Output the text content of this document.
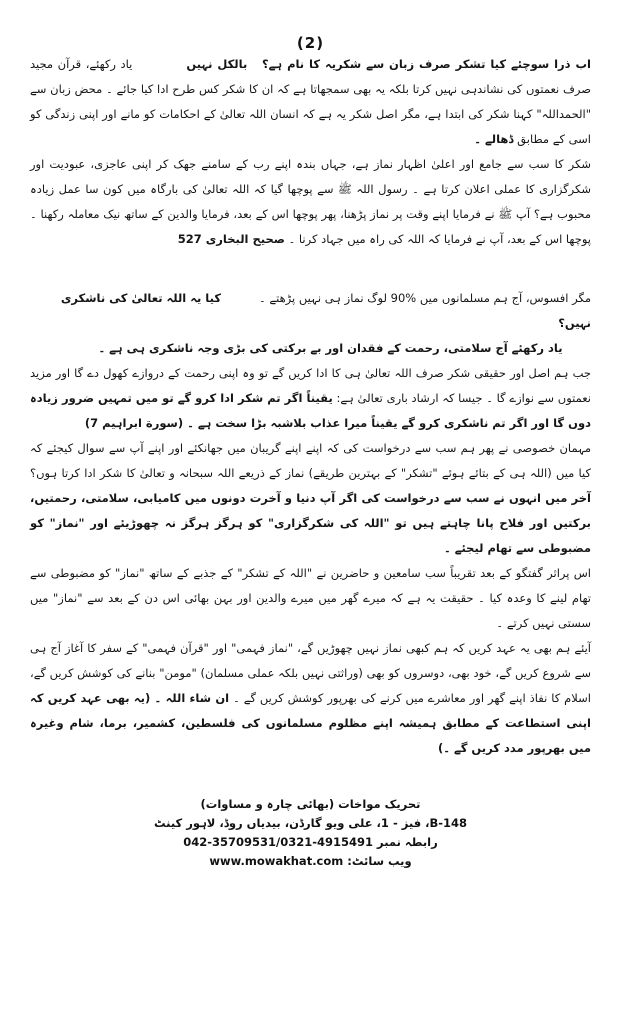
(2)

اب ذرا سوچئے کیا تشکر صرف زبان سے شکریہ کا نام ہے؟   بالکل نہیںیاد رکھئے، قرآن مجید صرف نعمتوں کی نشاندہی نہیں کرتا بلکہ یہ بھی سمجھاتا ہے کہ ان کا شکر کس طرح ادا کیا جائے ۔ محض زبان سے "الحمداللہ" کہنا شکر کی ابتدا ہے، مگر اصل شکر یہ ہے کہ انسان اللہ تعالیٰ کے احکامات کو مانے اور اپنی زندگی کو اسی کے مطابق ڈھالے ۔

شکر کا سب سے جامع اور اعلیٰ اظہار نماز ہے، جہاں بندہ اپنے رب کے سامنے جھک کر اپنی عاجزی، عبودیت اور شکرگزاری کا عملی اعلان کرتا ہے ۔ رسول اللہ ﷺ سے پوچھا گیا کہ اللہ تعالیٰ کی بارگاہ میں کون سا عمل زیادہ محبوب ہے؟ آپ ﷺ نے فرمایا اپنے وقت پر نماز پڑھنا، پھر پوچھا اس کے بعد، فرمایا والدین کے ساتھ نیک معاملہ رکھنا ۔ پوچھا اس کے بعد، آپ نے فرمایا کہ اللہ کی راہ میں جہاد کرنا ۔ صحیح البخاری 527

مگر افسوس، آج ہم مسلمانوں میں %90 لوگ نماز ہی نہیں پڑھتے ۔کیا یہ اللہ تعالیٰ کی ناشکری نہیں؟
یاد رکھئے آج سلامتی، رحمت کے فقدان اور بے برکتی کی بڑی وجہ ناشکری ہی ہے ۔

جب ہم اصل اور حقیقی شکر صرف اللہ تعالیٰ ہی کا ادا کریں گے تو وہ اپنی رحمت کے دروازے کھول دے گا اور مزید نعمتوں سے نوازے گا ۔ جیسا کہ ارشاد باری تعالیٰ ہے: یقیناً اگر تم شکر ادا کرو گے تو میں تمہیں ضرور زیادہ دوں گا اور اگر تم ناشکری کرو گے یقیناً میرا عذاب بلاشبہ بڑا سخت ہے ۔ (سورة ابراہیم 7)

مہمان خصوصی نے پھر ہم سب سے درخواست کی کہ اپنے اپنے گریبان میں جھانکئے اور اپنے آپ سے سوال کیجئے کہ کیا میں (اللہ ہی کے بتائے ہوئے "تشکر" کے بہترین طریقے) نماز کے ذریعے اللہ سبحانہ و تعالیٰ کا شکر ادا کرتا ہوں؟ آخر میں انہوں نے سب سے درخواست کی اگر آپ دنیا و آخرت دونوں میں کامیابی، سلامتی، رحمتیں، برکتیں اور فلاح پانا چاہتے ہیں تو "اللہ کی شکرگزاری" کو ہرگز ہرگز نہ چھوڑیئے اور "نماز" کو مضبوطی سے تھام لیجئے ۔

اس پراثر گفتگو کے بعد تقریباً سب سامعین و حاضرین نے "اللہ کے تشکر" کے جذبے کے ساتھ "نماز" کو مضبوطی سے تھام لینے کا وعدہ کیا ۔ حقیقت یہ ہے کہ میرے گھر میں میرے والدین اور بہن بھائی اس دن کے بعد سے "نماز" میں سستی نہیں کرتے ۔

آیئے ہم بھی یہ عہد کریں کہ ہم کبھی نماز نہیں چھوڑیں گے، "نماز فہمی" اور "قرآن فہمی" کے سفر کا آغاز آج ہی سے شروع کریں گے، خود بھی، دوسروں کو بھی (وراثتی نہیں بلکہ عملی مسلمان) "مومن" بنانے کی کوشش کریں گے، اسلام کا نفاذ اپنے گھر اور معاشرے میں کرنے کی بھرپور کوشش کریں گے ۔ ان شاء اللہ ۔ (یہ بھی عہد کریں کہ اپنی استطاعت کے مطابق ہمیشہ اپنے مظلوم مسلمانوں کی فلسطین، کشمیر، برما، شام وغیرہ میں بھرپور مدد کریں گے ۔)

تحریک مواخات (بھائی چارہ و مساوات)
B-148، فیز - 1، علی ویو گارڈن، بیدیاں روڈ، لاہور کینٹ
رابطہ نمبر 042-35709531/0321-4915491
ویب سائٹ: www.mowakhat.com
